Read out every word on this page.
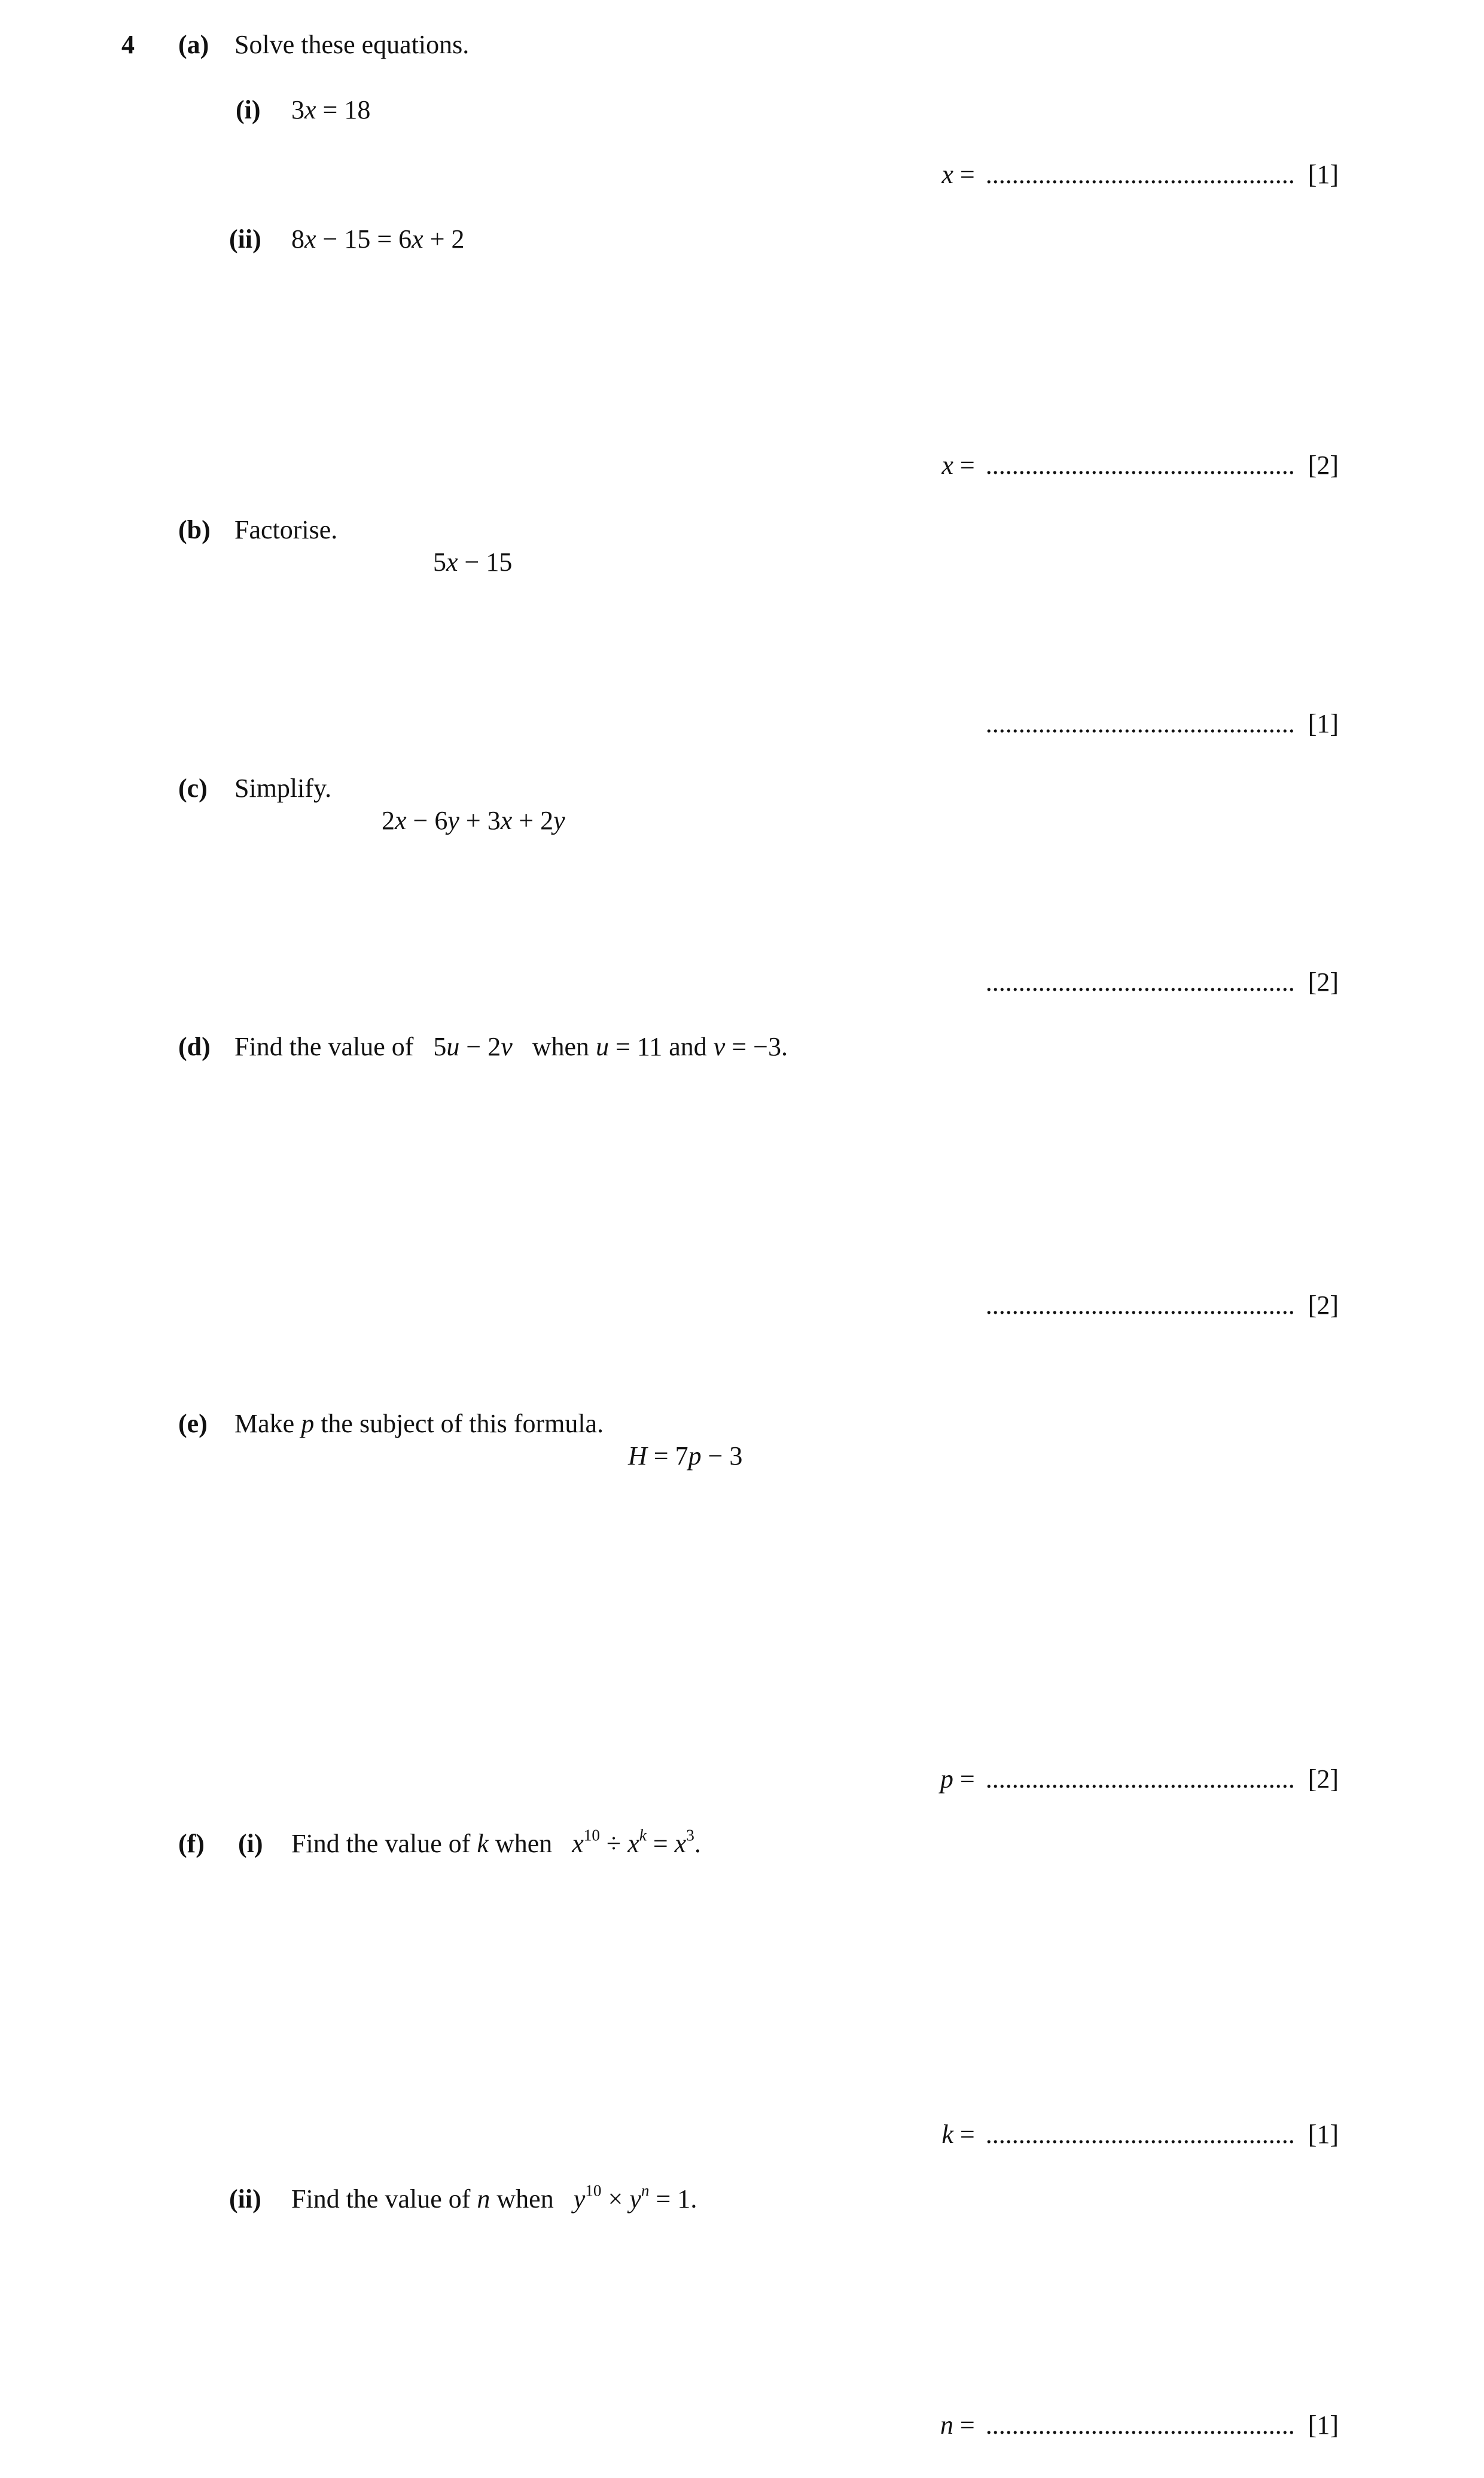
4 (a) Solve these equations.
(i) 3x = 18
x = ............................................... [1]
(ii) 8x − 15 = 6x + 2
x = ............................................... [2]
(b) Factorise.
5x − 15
............................................... [1]
(c) Simplify.
2x − 6y + 3x + 2y
............................................... [2]
(d) Find the value of   5u − 2v   when u = 11 and v = −3.
............................................... [2]
(e) Make p the subject of this formula.
H = 7p − 3
p = ............................................... [2]
(f) (i) Find the value of k when   $x^{10} \div x^k = x^3$.
k = ............................................... [1]
(ii) Find the value of n when   $y^{10} \times y^n = 1$.
n = ............................................... [1]
